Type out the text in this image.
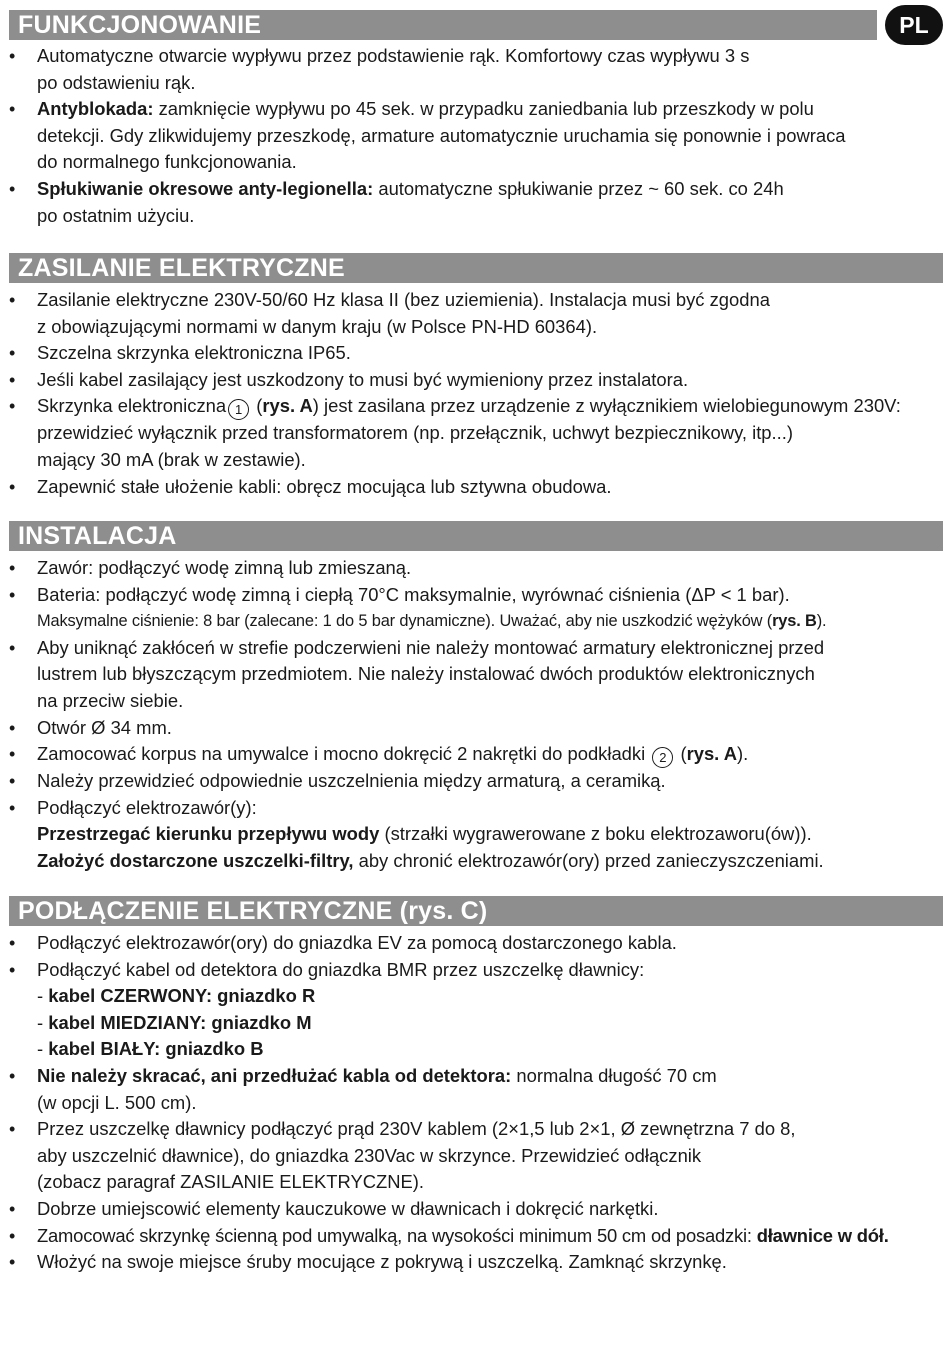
PL
FUNKCJONOWANIE
• Automatyczne otwarcie wypływu przez podstawienie rąk. Komfortowy czas wypływu 3 s
po odstawieniu rąk.
• Antyblokada: zamknięcie wypływu po 45 sek. w przypadku zaniedbania lub przeszkody w polu
detekcji. Gdy zlikwidujemy przeszkodę, armature automatycznie uruchamia się ponownie i powraca
do normalnego funkcjonowania.
• Spłukiwanie okresowe anty-legionella: automatyczne spłukiwanie przez ~ 60 sek. co 24h
po ostatnim użyciu.
ZASILANIE ELEKTRYCZNE
• Zasilanie elektryczne 230V-50/60 Hz klasa II (bez uziemienia). Instalacja musi być zgodna
z obowiązującymi normami w danym kraju (w Polsce PN-HD 60364).
• Szczelna skrzynka elektroniczna IP65.
• Jeśli kabel zasilający jest uszkodzony to musi być wymieniony przez instalatora.
• Skrzynka elektroniczna 1 (rys. A) jest zasilana przez urządzenie z wyłącznikiem wielobiegunowym 230V:
przewidzieć wyłącznik przed transformatorem (np. przełącznik, uchwyt bezpiecznikowy, itp...)
mający 30 mA (brak w zestawie).
• Zapewnić stałe ułożenie kabli: obręcz mocująca lub sztywna obudowa.
INSTALACJA
• Zawór: podłączyć wodę zimną lub zmieszaną.
• Bateria: podłączyć wodę zimną i ciepłą 70°C maksymalnie, wyrównać ciśnienia (ΔP < 1 bar).
Maksymalne ciśnienie: 8 bar (zalecane: 1 do 5 bar dynamiczne). Uważać, aby nie uszkodzić wężyków (rys. B).
• Aby uniknąć zakłóceń w strefie podczerwieni nie należy montować armatury elektronicznej przed
lustrem lub błyszczącym przedmiotem. Nie należy instalować dwóch produktów elektronicznych
na przeciw siebie.
• Otwór Ø 34 mm.
• Zamocować korpus na umywalce i mocno dokręcić 2 nakrętki do podkładki 2 (rys. A).
• Należy przewidzieć odpowiednie uszczelnienia między armaturą, a ceramiką.
• Podłączyć elektrozawór(y):
Przestrzegać kierunku przepływu wody (strzałki wygrawerowane z boku elektrozaworu(ów)).
Założyć dostarczone uszczelki-filtry, aby chronić elektrozawór(ory) przed zanieczyszczeniami.
PODŁĄCZENIE ELEKTRYCZNE (rys. C)
• Podłączyć elektrozawór(ory) do gniazdka EV za pomocą dostarczonego kabla.
• Podłączyć kabel od detektora do gniazdka BMR przez uszczelkę dławnicy:
- kabel CZERWONY: gniazdko R
- kabel MIEDZIANY: gniazdko M
- kabel BIAŁY: gniazdko B
• Nie należy skracać, ani przedłużać kabla od detektora: normalna długość 70 cm
(w opcji L. 500 cm).
• Przez uszczelkę dławnicy podłączyć prąd 230V kablem (2×1,5 lub 2×1, Ø zewnętrzna 7 do 8,
aby uszczelnić dławnice), do gniazdka 230Vac w skrzynce. Przewidzieć odłącznik
(zobacz paragraf ZASILANIE ELEKTRYCZNE).
• Dobrze umiejscowić elementy kauczukowe w dławnicach i dokręcić narkętki.
• Zamocować skrzynkę ścienną pod umywalką, na wysokości minimum 50 cm od posadzki: dławnice w dół.
• Włożyć na swoje miejsce śruby mocujące z pokrywą i uszczelką. Zamknąć skrzynkę.
